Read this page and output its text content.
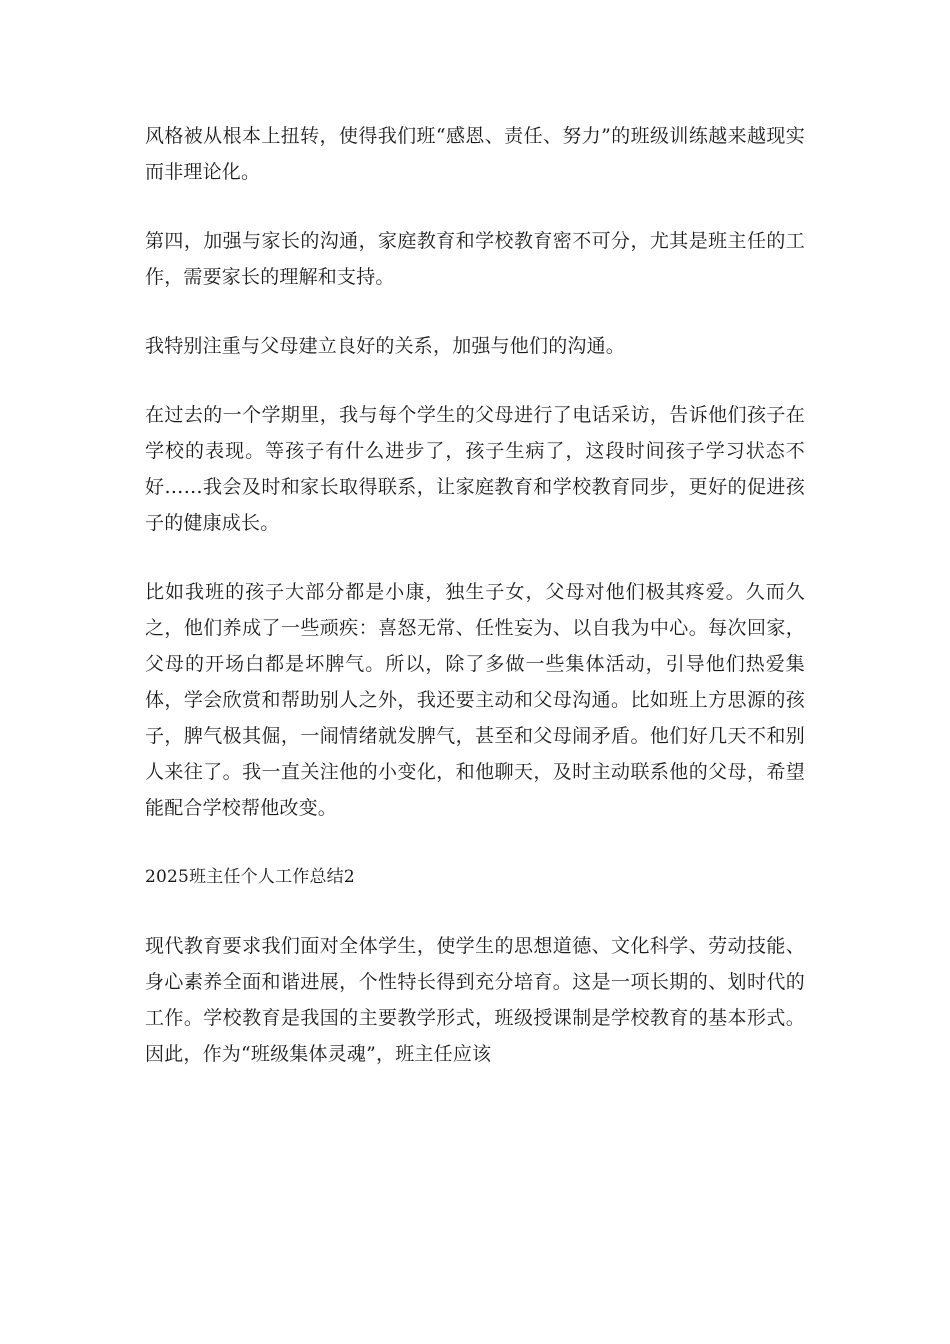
风格被从根本上扭转，使得我们班“感恩、责任、努力”的班级训练越来越现实而非理论化。

第四，加强与家长的沟通，家庭教育和学校教育密不可分，尤其是班主任的工作，需要家长的理解和支持。

我特别注重与父母建立良好的关系，加强与他们的沟通。

在过去的一个学期里，我与每个学生的父母进行了电话采访，告诉他们孩子在学校的表现。等孩子有什么进步了，孩子生病了，这段时间孩子学习状态不好……我会及时和家长取得联系，让家庭教育和学校教育同步，更好的促进孩子的健康成长。

比如我班的孩子大部分都是小康，独生子女，父母对他们极其疼爱。久而久之，他们养成了一些顽疾：喜怒无常、任性妄为、以自我为中心。每次回家，父母的开场白都是坏脾气。所以，除了多做一些集体活动，引导他们热爱集体，学会欣赏和帮助别人之外，我还要主动和父母沟通。比如班上方思源的孩子，脾气极其倔，一闹情绪就发脾气，甚至和父母闹矛盾。他们好几天不和别人来往了。我一直关注他的小变化，和他聊天，及时主动联系他的父母，希望能配合学校帮他改变。

2025班主任个人工作总结2

现代教育要求我们面对全体学生，使学生的思想道德、文化科学、劳动技能、身心素养全面和谐进展，个性特长得到充分培育。这是一项长期的、划时代的工作。学校教育是我国的主要教学形式，班级授课制是学校教育的基本形式。因此，作为“班级集体灵魂”，班主任应该
